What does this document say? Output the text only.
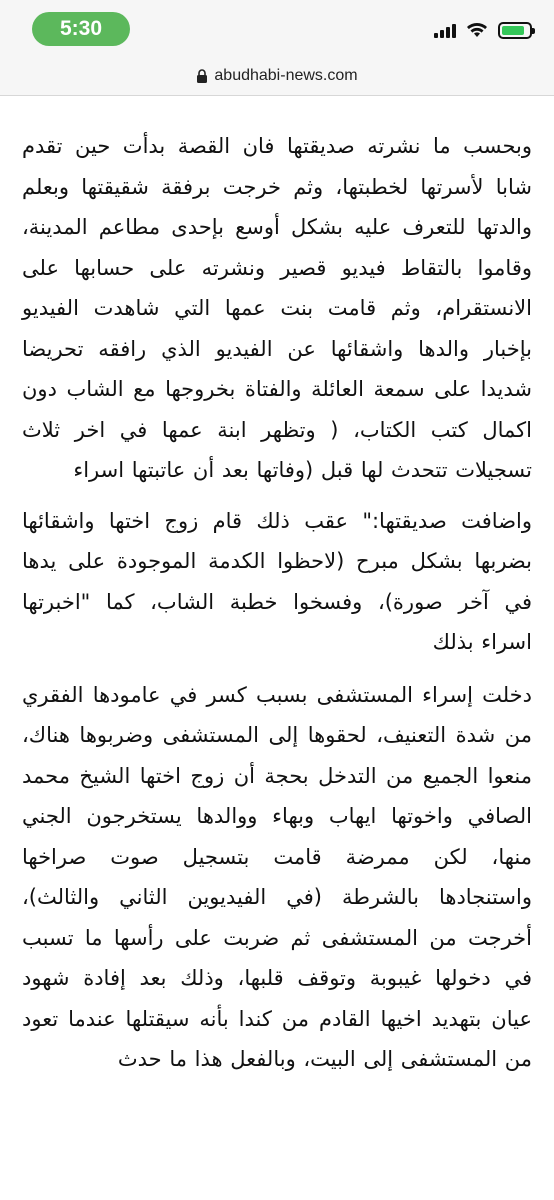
5:30
abudhabi-news.com

وبحسب ما نشرته صديقتها فان القصة بدأت حين تقدم شابا لأسرتها لخطبتها، وثم خرجت برفقة شقيقتها وبعلم والدتها للتعرف عليه بشكل أوسع بإحدى مطاعم المدينة، وقاموا بالتقاط فيديو قصير ونشرته على حسابها على الانستقرام، وثم قامت بنت عمها التي شاهدت الفيديو بإخبار والدها واشقائها عن الفيديو الذي رافقه تحريضا شديدا على سمعة العائلة والفتاة بخروجها مع الشاب دون اكمال كتب الكتاب، ( وتظهر ابنة عمها في اخر ثلاث تسجيلات تتحدث لها قبل (وفاتها بعد أن عاتبتها اسراء

واضافت صديقتها:" عقب ذلك قام زوج اختها واشقائها بضربها بشكل مبرح (لاحظوا الكدمة الموجودة على يدها في آخر صورة)، وفسخوا خطبة الشاب، كما "اخبرتها اسراء بذلك

دخلت إسراء المستشفى بسبب كسر في عامودها الفقري من شدة التعنيف، لحقوها إلى المستشفى وضربوها هناك، منعوا الجميع من التدخل بحجة أن زوج اختها الشيخ محمد الصافي واخوتها ايهاب وبهاء ووالدها يستخرجون الجني منها، لكن ممرضة قامت بتسجيل صوت صراخها واستنجادها بالشرطة (في الفيديوين الثاني والثالث)، أخرجت من المستشفى ثم ضربت على رأسها ما تسبب في دخولها غيبوبة وتوقف قلبها، وذلك بعد إفادة شهود عيان بتهديد اخيها القادم من كندا بأنه سيقتلها عندما تعود من المستشفى إلى البيت، وبالفعل هذا ما حدث
